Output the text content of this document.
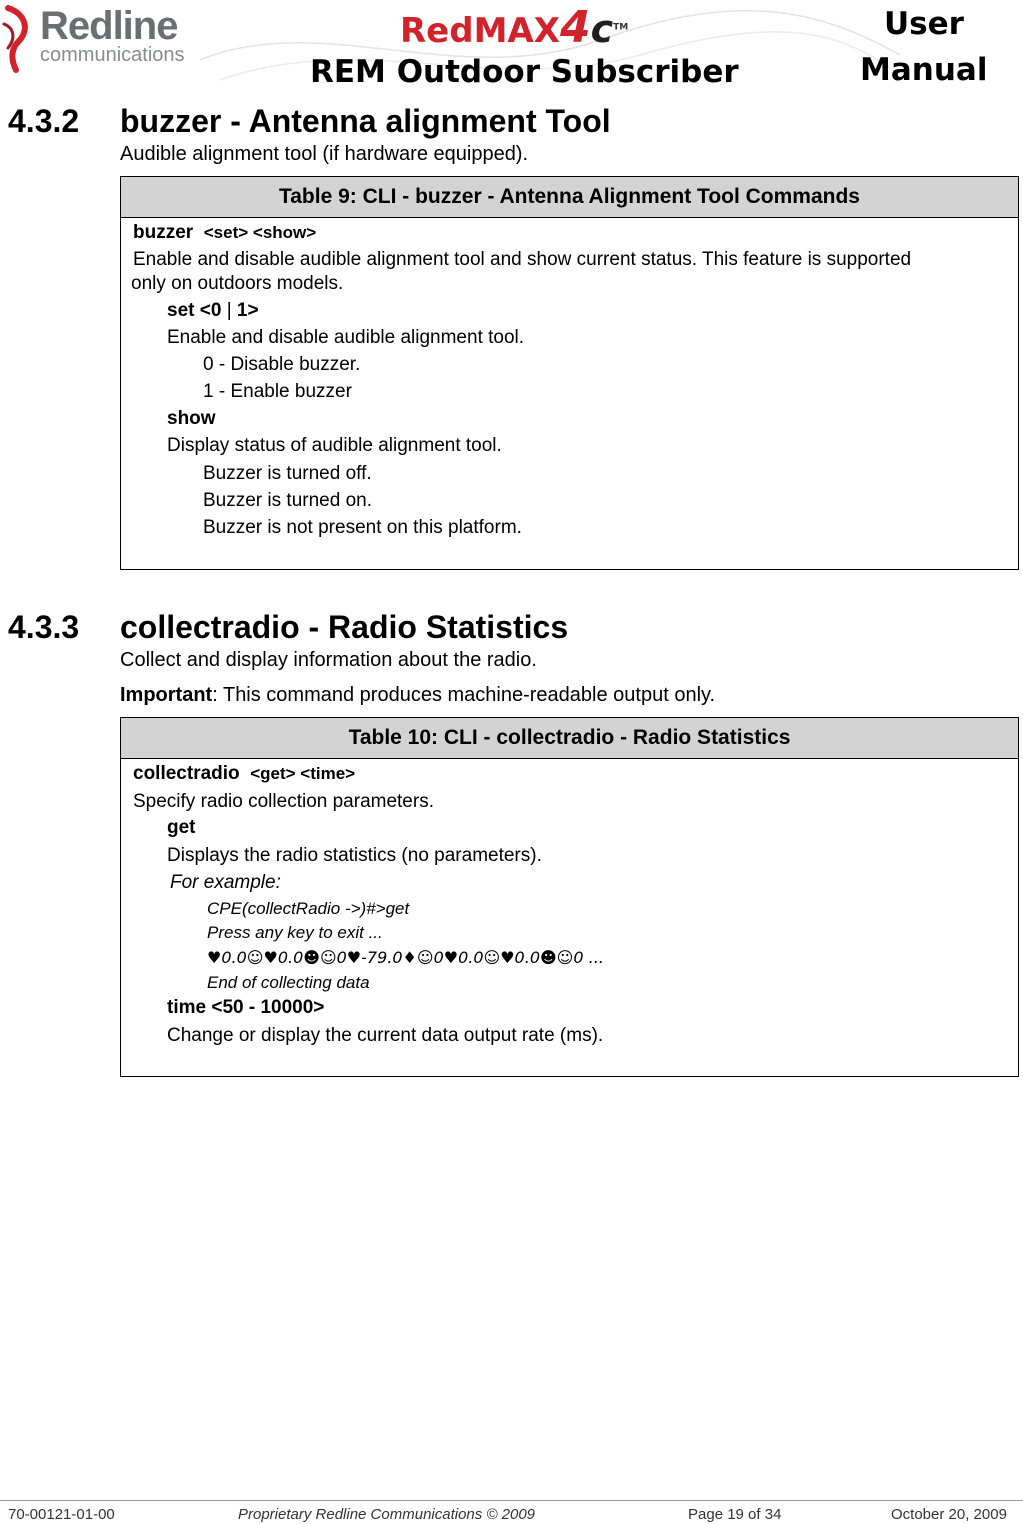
Redline
communications
RedMAX4c™
REM Outdoor Subscriber
User
Manual
4.3.2 buzzer - Antenna alignment Tool
Audible alignment tool (if hardware equipped).
Table 9: CLI - buzzer - Antenna Alignment Tool Commands
buzzer <set> <show>
Enable and disable audible alignment tool and show current status. This feature is supported
only on outdoors models.
set <0 | 1>
Enable and disable audible alignment tool.
0 - Disable buzzer.
1 - Enable buzzer
show
Display status of audible alignment tool.
Buzzer is turned off.
Buzzer is turned on.
Buzzer is not present on this platform.
4.3.3 collectradio - Radio Statistics
Collect and display information about the radio.
Important: This command produces machine-readable output only.
Table 10: CLI - collectradio - Radio Statistics
collectradio <get> <time>
Specify radio collection parameters.
get
Displays the radio statistics (no parameters).
For example:
CPE(collectRadio ->)#>get
Press any key to exit ...
♥0.0☺♥0.0☻☺0♥-79.0♦☺0♥0.0☺♥0.0☻☺0 ...
End of collecting data
time <50 - 10000>
Change or display the current data output rate (ms).
70-00121-01-00	Proprietary Redline Communications © 2009	Page 19 of 34	October 20, 2009
